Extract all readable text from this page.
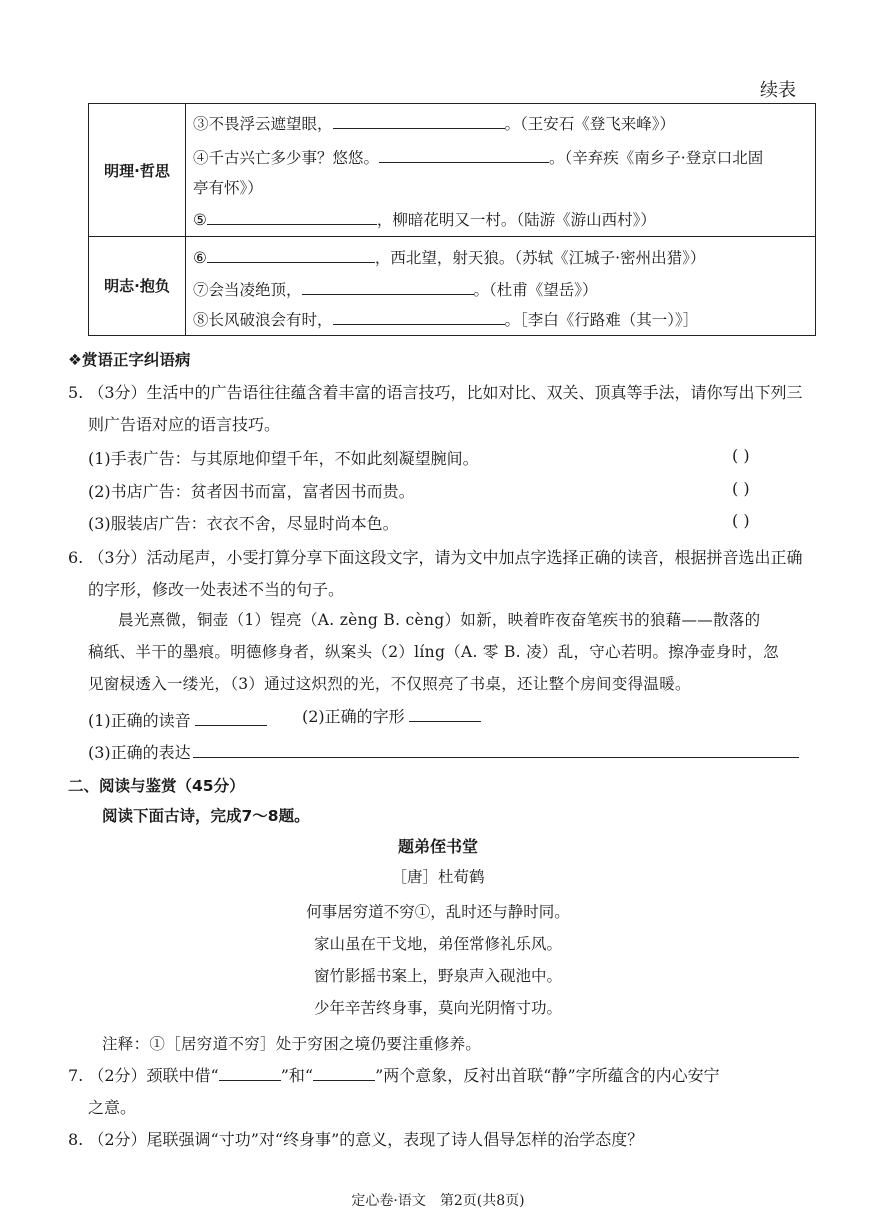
续表
明理·哲思
③不畏浮云遮望眼，	。（王安石《登飞来峰》）
④千古兴亡多少事？悠悠。	。（辛弃疾《南乡子·登京口北固
亭有怀》）
⑤	，柳暗花明又一村。（陆游《游山西村》）
明志·抱负
⑥	，西北望，射天狼。（苏轼《江城子·密州出猎》）
⑦会当凌绝顶，	。（杜甫《望岳》）
⑧长风破浪会有时，	。［李白《行路难（其一）》］
❖赏语正字纠语病
5. （3分）生活中的广告语往往蕴含着丰富的语言技巧，比如对比、双关、顶真等手法，请你写出下列三
则广告语对应的语言技巧。
(1)手表广告：与其原地仰望千年，不如此刻凝望腕间。	( )
(2)书店广告：贫者因书而富，富者因书而贵。	( )
(3)服装店广告：衣衣不舍，尽显时尚本色。	( )
6. （3分）活动尾声，小雯打算分享下面这段文字，请为文中加点字选择正确的读音，根据拼音选出正确
的字形，修改一处表述不当的句子。
晨光熹微，铜壶（1）锃亮（A. zèng B. cèng）如新，映着昨夜奋笔疾书的狼藉——散落的
稿纸、半干的墨痕。明德修身者，纵案头（2）líng（A. 零 B. 凌）乱，守心若明。擦净壶身时，忽
见窗棂透入一缕光，（3）通过这炽烈的光，不仅照亮了书桌，还让整个房间变得温暖。
(1)正确的读音	(2)正确的字形
(3)正确的表达
二、阅读与鉴赏（45分）
阅读下面古诗，完成7～8题。
题弟侄书堂
［唐］杜荀鹤
何事居穷道不穷①，乱时还与静时同。
家山虽在干戈地，弟侄常修礼乐风。
窗竹影摇书案上，野泉声入砚池中。
少年辛苦终身事，莫向光阴惰寸功。
注释：①［居穷道不穷］处于穷困之境仍要注重修养。
7. （2分）颈联中借“	”和“	”两个意象，反衬出首联“静”字所蕴含的内心安宁
之意。
8. （2分）尾联强调“寸功”对“终身事”的意义，表现了诗人倡导怎样的治学态度？
定心卷·语文　第2页(共8页)
